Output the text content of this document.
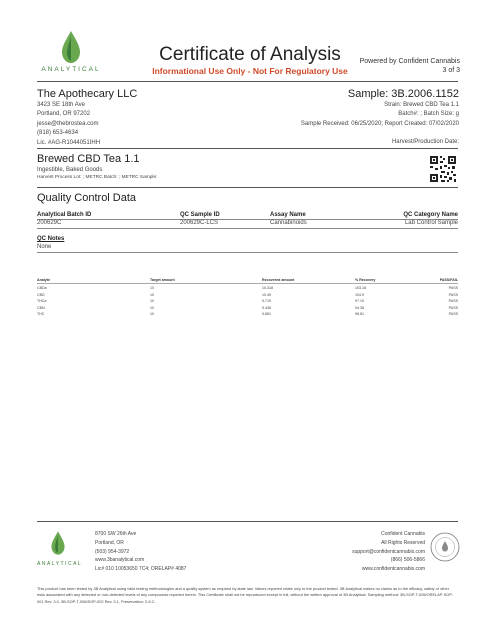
ANALYTICAL
Certificate of Analysis
Informational Use Only - Not For Regulatory Use
Powered by Confident Cannabis
3 of 3
The Apothecary LLC
3423 SE 18th Ave
Portland, OR 97202
jesse@thebrostea.com
(818) 653-4634
Lic. #AG-R1044051IHH
Sample: 3B.2006.1152
Strain: Brewed CBD Tea 1.1
Batch#: ; Batch Size: g
Sample Received: 06/25/2020; Report Created: 07/02/2020
Harvest/Production Date:
Brewed CBD Tea 1.1
Ingestible, Baked Goods
Harvest Process Lot: ; METRC Batch: ; METRC Sample:
Quality Control Data
Analytical Batch ID	QC Sample ID	Assay Name	QC Category Name
200629C	200629C-LCS	Cannabinoids	Lab Control Sample
QC Notes
None
Analyte	Target amount	Recovered amount	% Recovery	PASS/FAIL
CBDa	10	10.318	103.18	PASS
CBD	10	10.49	104.9	PASS
THCa	10	9.719	97.19	PASS
CBN	10	9.438	94.38	PASS
THC	10	9.881	98.81	PASS
ANALYTICAL
8700 SW 26th Ave
Portland, OR
(503) 954-3972
www.3banalytical.com
Lic# 010 10053650 7C4; ORELAP# 4087
Confident Cannabis
All Rights Reserved
support@confidentcannabis.com
(866) 506-5866
www.confidentcannabis.com
This product has been tested by 3B Analytical using valid testing methodologies and a quality system as required by state law. Values reported relate only to the product tested. 3B Analytical makes no claims as to the efficacy, safety or other risks associated with any detected or non-detected levels of any compounds reported herein. This Certificate shall not be reproduced except in full, without the written approval of 3B Analytical. Sampling method: 3B-SOP-T-005/ORELAP-SOP-001 Rev. 3.0, 3B-SOP-T-006/SOP-002 Rev. 3.1, Preservation: 2-6 C.
